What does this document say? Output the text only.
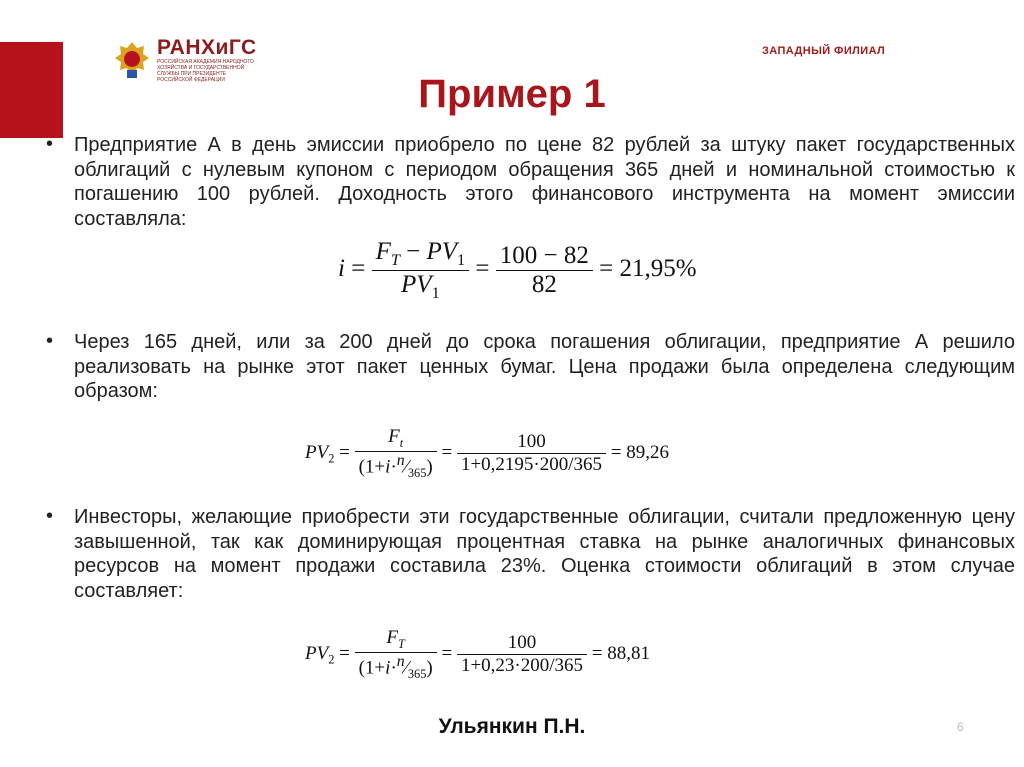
РАНХиГС
РОССИЙСКАЯ АКАДЕМИЯ НАРОДНОГО ХОЗЯЙСТВА И ГОСУДАРСТВЕННОЙ СЛУЖБЫ ПРИ ПРЕЗИДЕНТЕ РОССИЙСКОЙ ФЕДЕРАЦИИ
ЗАПАДНЫЙ ФИЛИАЛ
Пример 1
• Предприятие А в день эмиссии приобрело по цене 82 рублей за штуку пакет государственных облигаций с нулевым купоном с периодом обращения 365 дней и номинальной стоимостью к погашению 100 рублей. Доходность этого финансового инструмента на момент эмиссии составляла:
$i = \frac{F_T - PV_1}{PV_1} = \frac{100 - 82}{82} = 21,95\%$
• Через 165 дней, или за 200 дней до срока погашения облигации, предприятие А решило реализовать на рынке этот пакет ценных бумаг. Цена продажи была определена следующим образом:
$PV_2 = \frac{F_t}{(1+i\cdot^n⁄_{365})} = \frac{100}{1+0,2195\cdot 200/365} = 89,26$
• Инвесторы, желающие приобрести эти государственные облигации, считали предложенную цену завышенной, так как доминирующая процентная ставка на рынке аналогичных финансовых ресурсов на момент продажи составила 23%. Оценка стоимости облигаций в этом случае составляет:
$PV_2 = \frac{F_T}{(1+i\cdot^n⁄_{365})} = \frac{100}{1+0,23\cdot 200/365} = 88,81$
Ульянкин П.Н.	6
